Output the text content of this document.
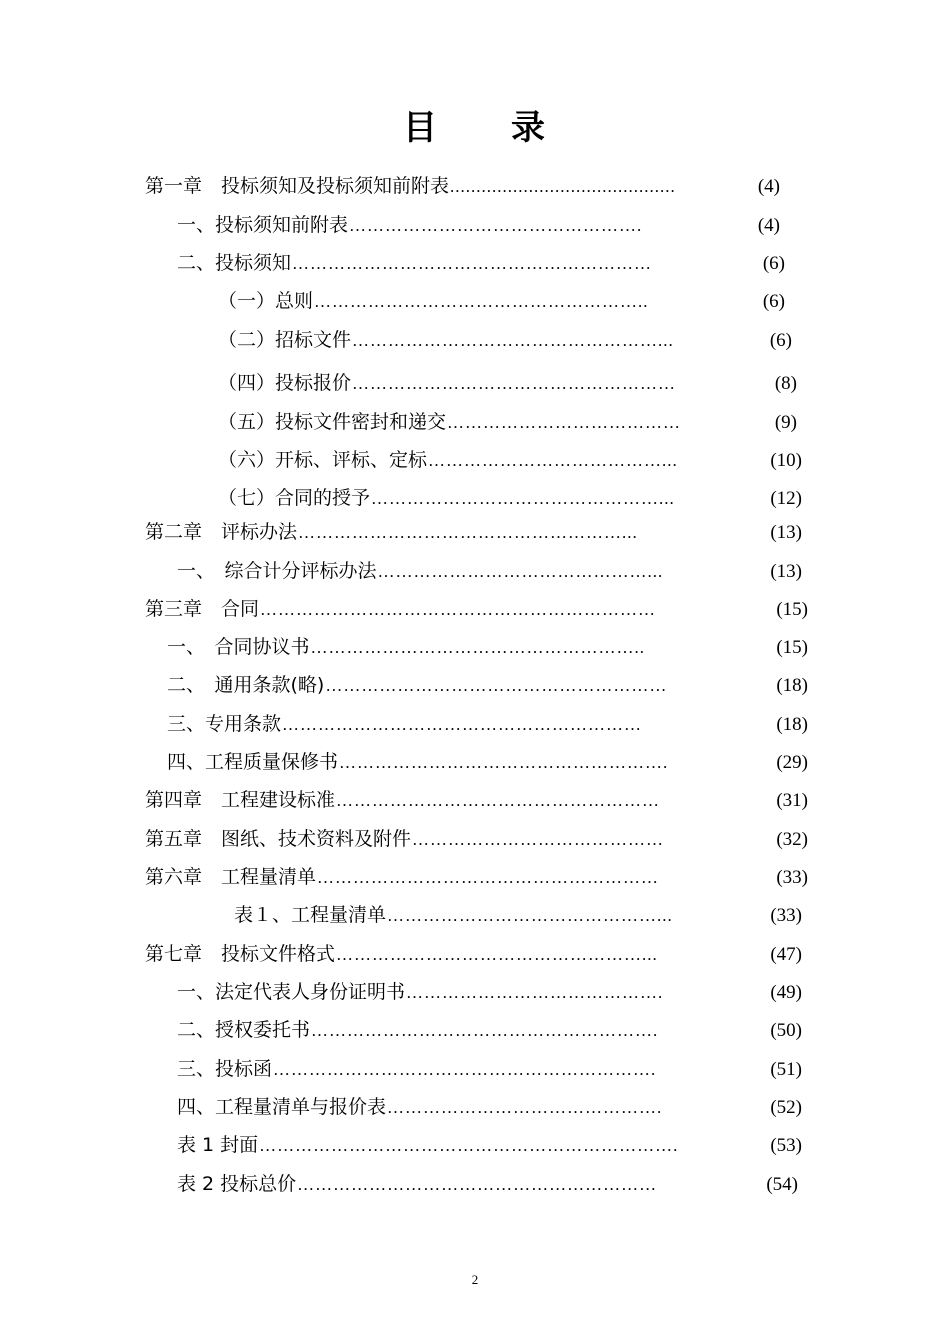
目　　录
第一章　投标须知及投标须知前附表 ...........................................	(4)
一、投标须知前附表 ………………………………………….	(4)
二、投标须知 ……………………………………………………	(6)
（一）总则 ………………………………………………..	(6)
（二）招标文件 ……………………………………………...	(6)
（四）投标报价 ………………………………………………	(8)
（五）投标文件密封和递交 …………………………………	(9)
（六）开标、评标、定标 …………………………………...	(10)
（七）合同的授予 …………………………………………...	(12)
第二章　评标办法 ………………………………………………...	(13)
一、　综合计分评标办法 ………………………………………...	(13)
第三章　合同 …………………………………………………………	(15)
一、　合同协议书 ………………………………………………..	(15)
二、　通用条款(略) …………………………………………………	(18)
三、专用条款 ……………………………………………………	(18)
四、工程质量保修书 ……………………………………………….	(29)
第四章　工程建设标准 ………………………………………………	(31)
第五章　图纸、技术资料及附件 ……………………………………	(32)
第六章　工程量清单 …………………………………………………	(33)
表１、工程量清单 ………………………………………...	(33)
第七章　投标文件格式 ……………………………………………...	(47)
一、法定代表人身份证明书 …………………………………….	(49)
二、授权委托书 ………………………………………………….	(50)
三、投标函 ……………………………………………………….	(51)
四、工程量清单与报价表 ……………………………………….	(52)
表 1 封面 …………………………………………………………….	(53)
表 2 投标总价 ……………………………………………………	(54)
2
